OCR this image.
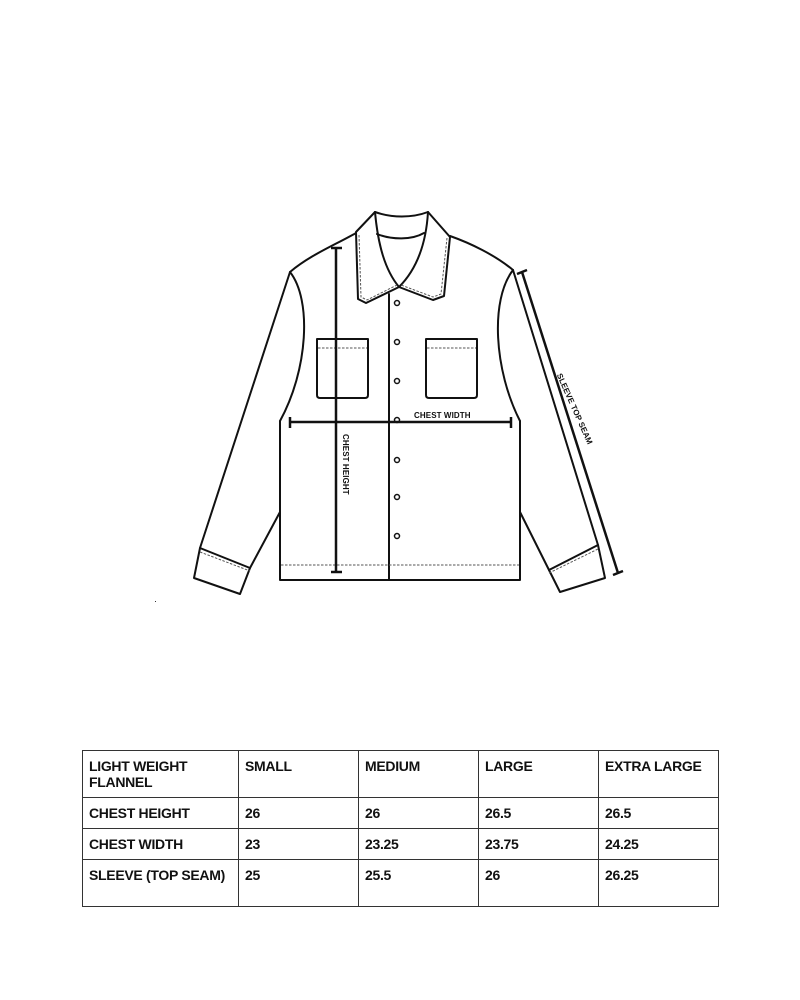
CHEST WIDTH
CHEST HEIGHT
SLEEVE TOP SEAM
LIGHT WEIGHT FLANNEL	SMALL	MEDIUM	LARGE	EXTRA LARGE
CHEST HEIGHT	26	26	26.5	26.5
CHEST WIDTH	23	23.25	23.75	24.25
SLEEVE (TOP SEAM)	25	25.5	26	26.25
